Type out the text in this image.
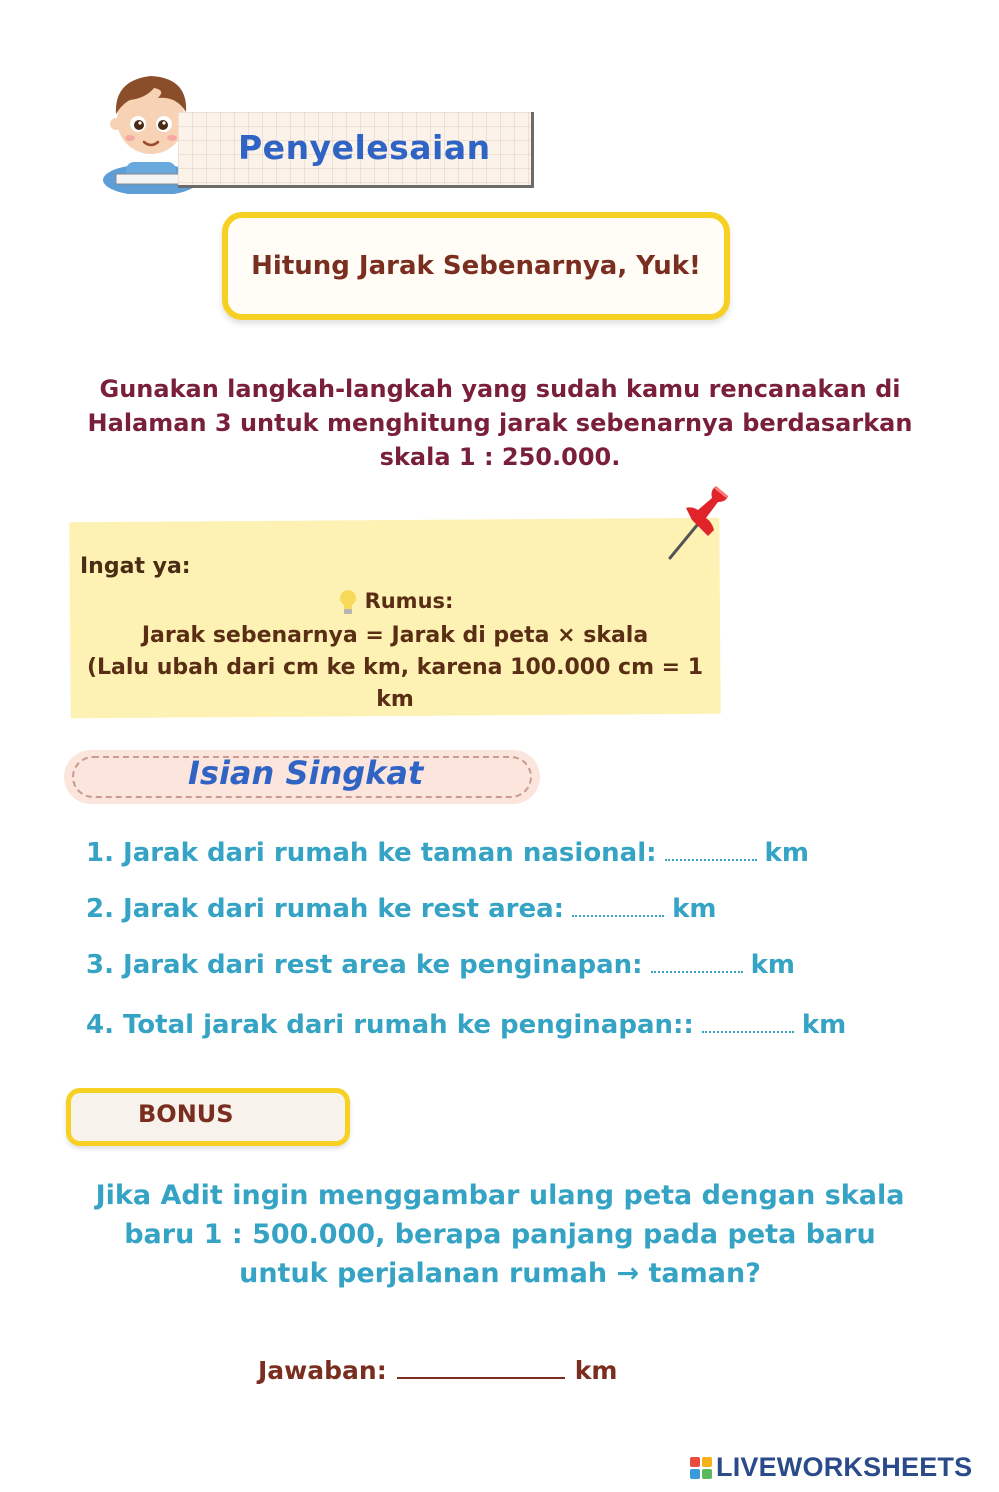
Penyelesaian
Hitung Jarak Sebenarnya, Yuk!
Gunakan langkah-langkah yang sudah kamu rencanakan di
Halaman 3 untuk menghitung jarak sebenarnya berdasarkan
skala 1 : 250.000.
Ingat ya:
Rumus:
Jarak sebenarnya = Jarak di peta × skala
(Lalu ubah dari cm ke km, karena 100.000 cm = 1 km
Isian Singkat
1. Jarak dari rumah ke taman nasional:	km
2. Jarak dari rumah ke rest area:	km
3. Jarak dari rest area ke penginapan:	km
4. Total jarak dari rumah ke penginapan::	km
BONUS
Jika Adit ingin menggambar ulang peta dengan skala
baru 1 : 500.000, berapa panjang pada peta baru
untuk perjalanan rumah → taman?
Jawaban:	km
LIVEWORKSHEETS
